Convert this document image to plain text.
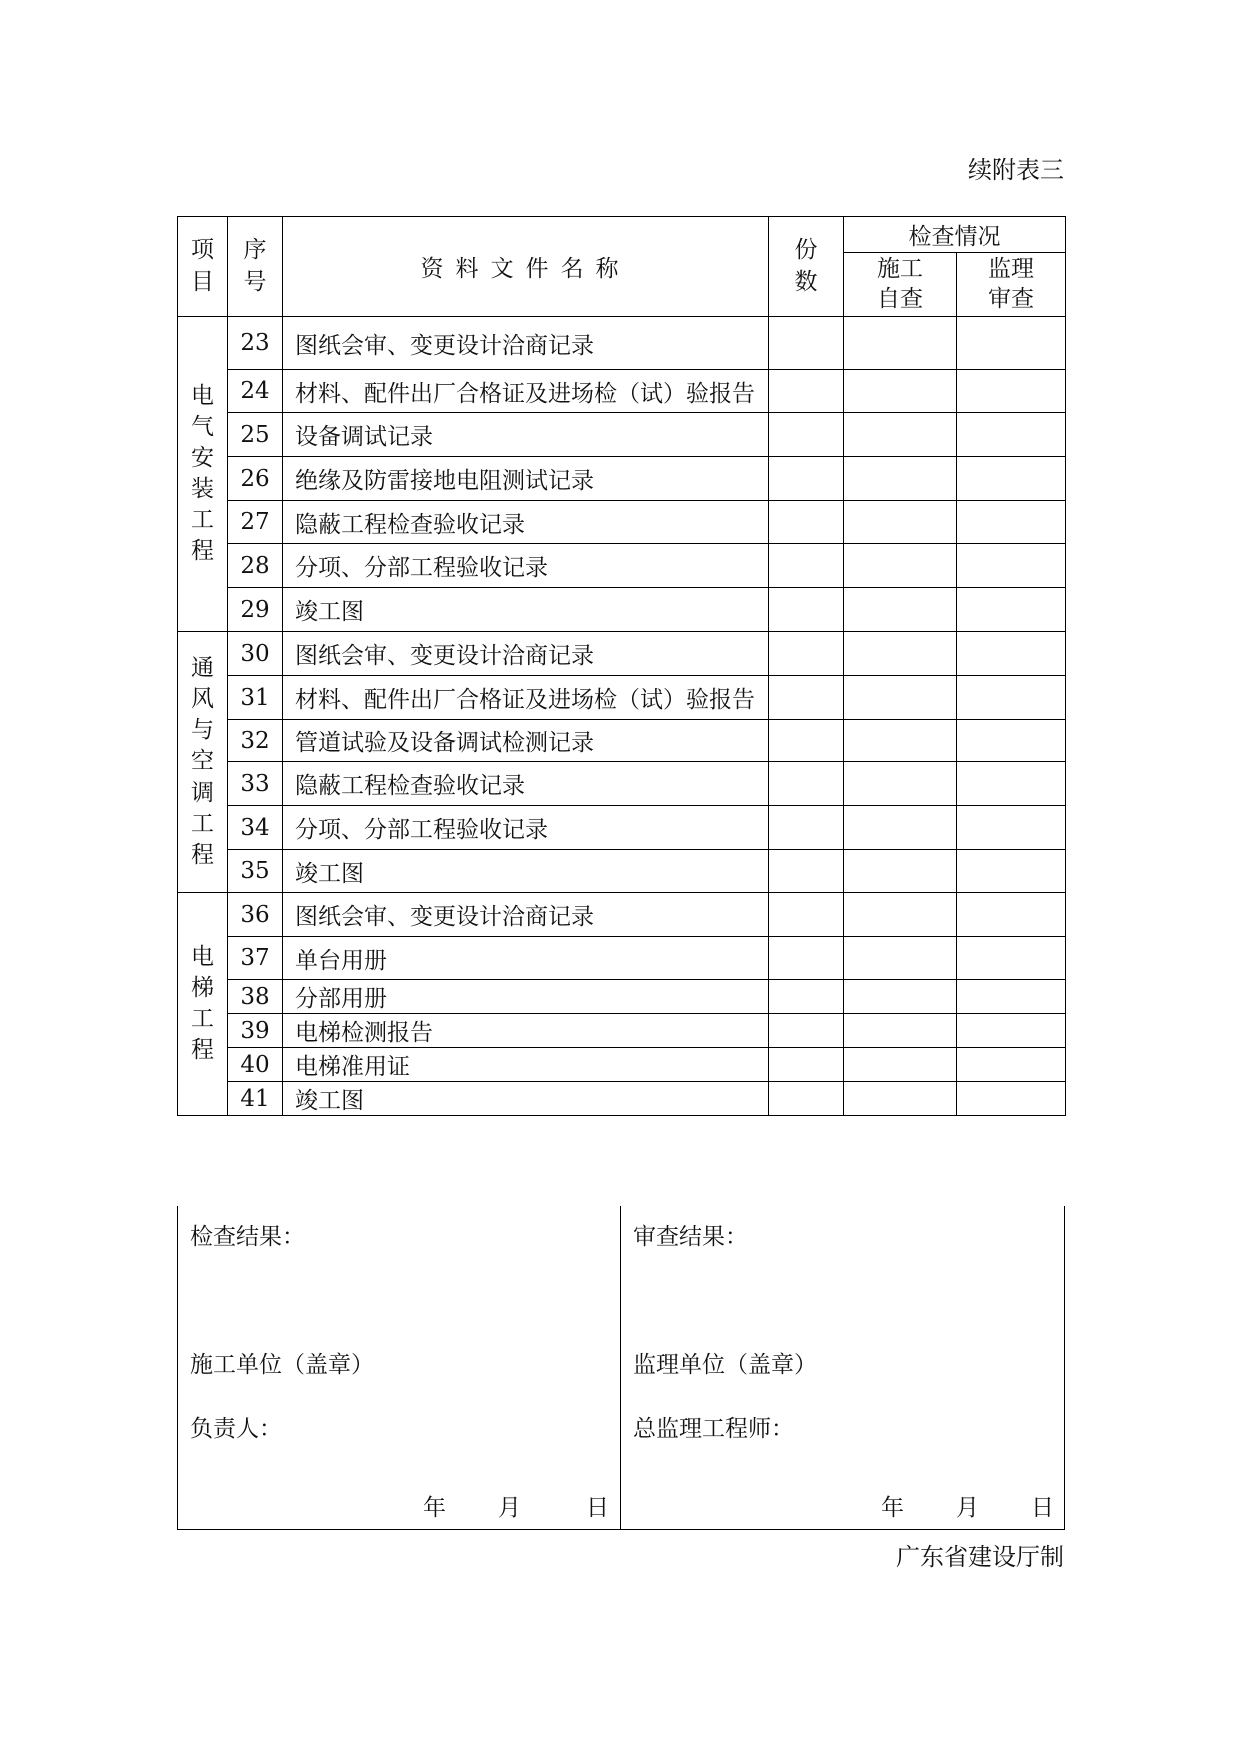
续附表三
项目	序号	资料文件名称	份数	检查情况	

				施工自查	监理审查

电气安装工程	23	图纸会审、变更设计洽商记录			
	24	材料、配件出厂合格证及进场检（试）验报告			
	25	设备调试记录			
	26	绝缘及防雷接地电阻测试记录			
	27	隐蔽工程检查验收记录			
	28	分项、分部工程验收记录			
	29	竣工图			

通风与空调工程	30	图纸会审、变更设计洽商记录			
	31	材料、配件出厂合格证及进场检（试）验报告			
	32	管道试验及设备调试检测记录			
	33	隐蔽工程检查验收记录			
	34	分项、分部工程验收记录			
	35	竣工图			

电梯工程	36	图纸会审、变更设计洽商记录			
	37	单台用册			
	38	分部用册			
	39	电梯检测报告			
	40	电梯准用证			
	41	竣工图			
检查结果：
施工单位（盖章）
负责人：
年 月	日
审查结果：
监理单位（盖章）
总监理工程师：
年 月 日
广东省建设厅制
